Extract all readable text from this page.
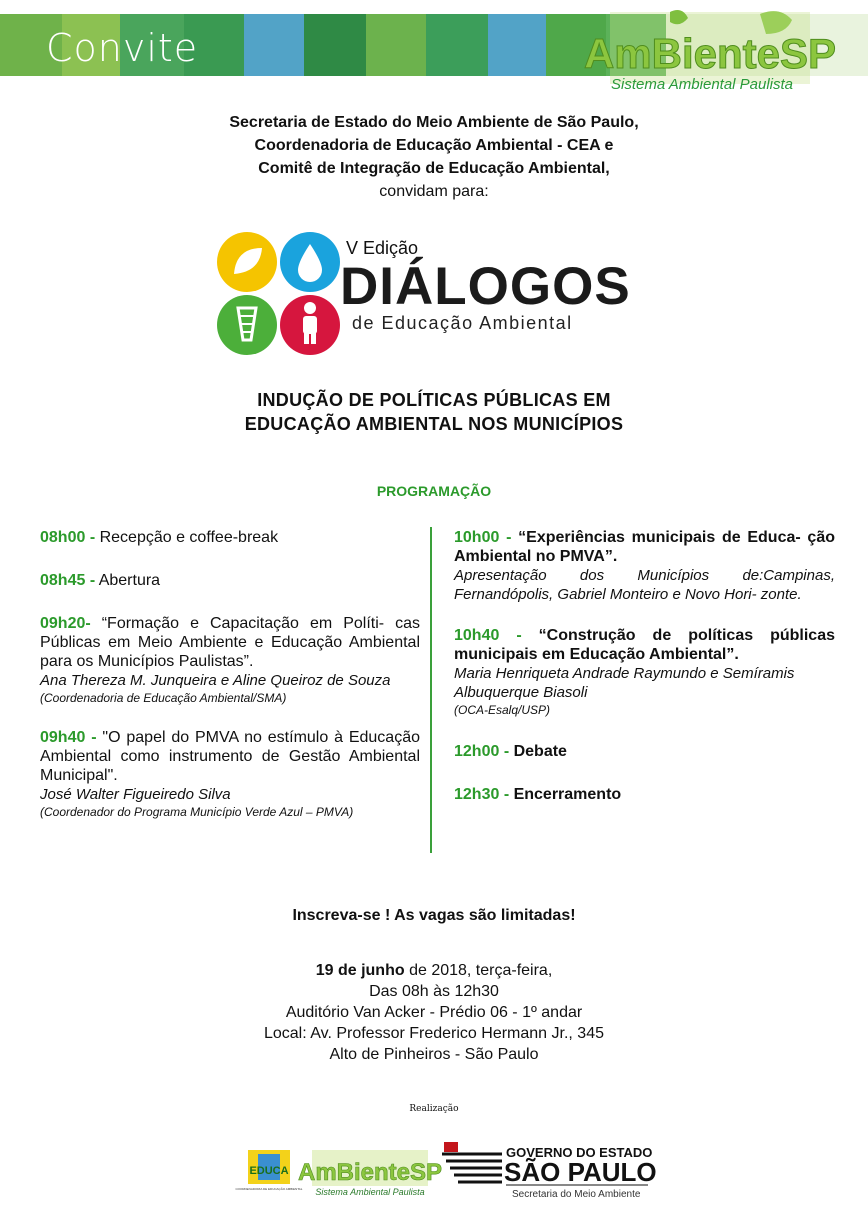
Convite	AmBienteSP
Sistema Ambiental Paulista
Secretaria de Estado do Meio Ambiente de São Paulo,
Coordenadoria de Educação Ambiental - CEA e
Comitê de Integração de Educação Ambiental,
convidam para:
V Edição
DIÁLOGOS
de Educação Ambiental
INDUÇÃO DE POLÍTICAS PÚBLICAS EM
EDUCAÇÃO AMBIENTAL NOS MUNICÍPIOS
PROGRAMAÇÃO

08h00 - Recepção e coffee-break

08h45 - Abertura

09h20- “Formação e Capacitação em Políti- cas Públicas em Meio Ambiente e Educação Ambiental para os Municípios Paulistas”.

Ana Thereza M. Junqueira e Aline Queiroz de Souza

(Coordenadoria de Educação Ambiental/SMA)

09h40 - "O papel do PMVA no estímulo à Educação Ambiental como instrumento de Gestão Ambiental Municipal".

José Walter Figueiredo Silva

(Coordenador do Programa Município Verde Azul – PMVA)

10h00 - “Experiências municipais de Educa- ção Ambiental no PMVA”.

Apresentação dos Municípios de:Campinas, Fernandópolis, Gabriel Monteiro e Novo Hori- zonte.

10h40 - “Construção de políticas públicas municipais em Educação Ambiental”.

Maria Henriqueta Andrade Raymundo e Semíramis Albuquerque Biasoli

(OCA-Esalq/USP)

12h00 - Debate

12h30 - Encerramento

Inscreva-se ! As vagas são limitadas!
19 de junho de 2018, terça-feira,
Das 08h às 12h30
Auditório Van Acker - Prédio 06 - 1º andar
Local: Av. Professor Frederico Hermann Jr., 345
Alto de Pinheiros - São Paulo
Realização
EDUCA
COORDENADORIA DE EDUCAÇÃO AMBIENTAL
AmBienteSP
Sistema Ambiental Paulista
GOVERNO DO ESTADO
SÃO PAULO
Secretaria do Meio Ambiente
